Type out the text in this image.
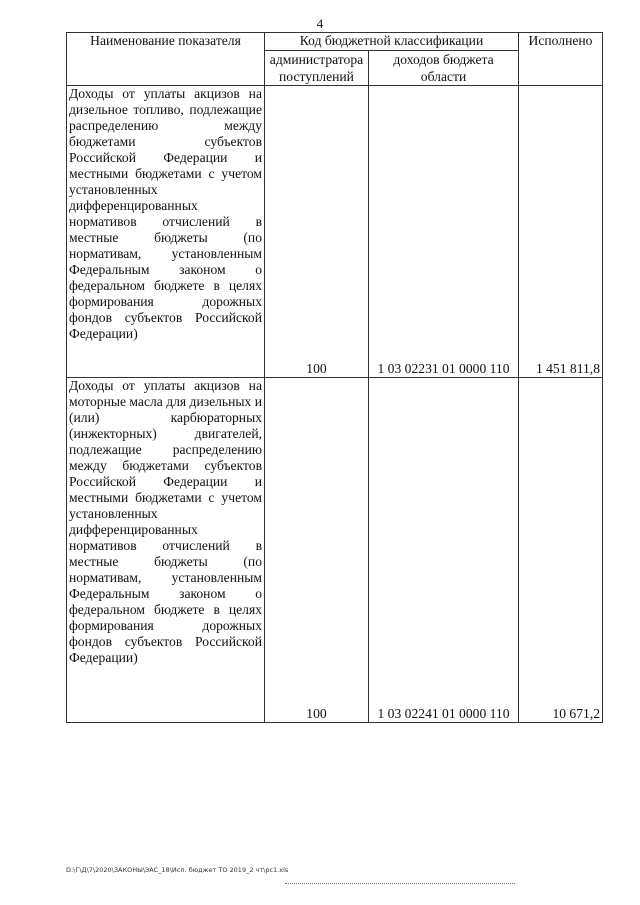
4
Наименование показателя	Код бюджетной классификации		Исполнено
	администратора поступлений	доходов бюджета области	
Доходы от уплаты акцизов на дизельное топливо, подлежащие распределению между бюджетами субъектов Российской Федерации и местными бюджетами с учетом установленных дифференцированных нормативов отчислений в местные бюджеты (по нормативам, установленным Федеральным законом о федеральном бюджете в целях формирования дорожных фондов субъектов Российской Федерации)	100	1 03 02231 01 0000 110	1 451 811,8
Доходы от уплаты акцизов на моторные масла для дизельных и (или) карбюраторных (инжекторных) двигателей, подлежащие распределению между бюджетами субъектов Российской Федерации и местными бюджетами с учетом установленных дифференцированных нормативов отчислений в местные бюджеты (по нормативам, установленным Федеральным законом о федеральном бюджете в целях формирования дорожных фондов субъектов Российской Федерации)	100	1 03 02241 01 0000 110	10 671,2
D:\Г\Д\7\2020\ЗАКОНЫ\ЗАС_18\Исп. бюджет ТО 2019_2 чт\рс1.xls
